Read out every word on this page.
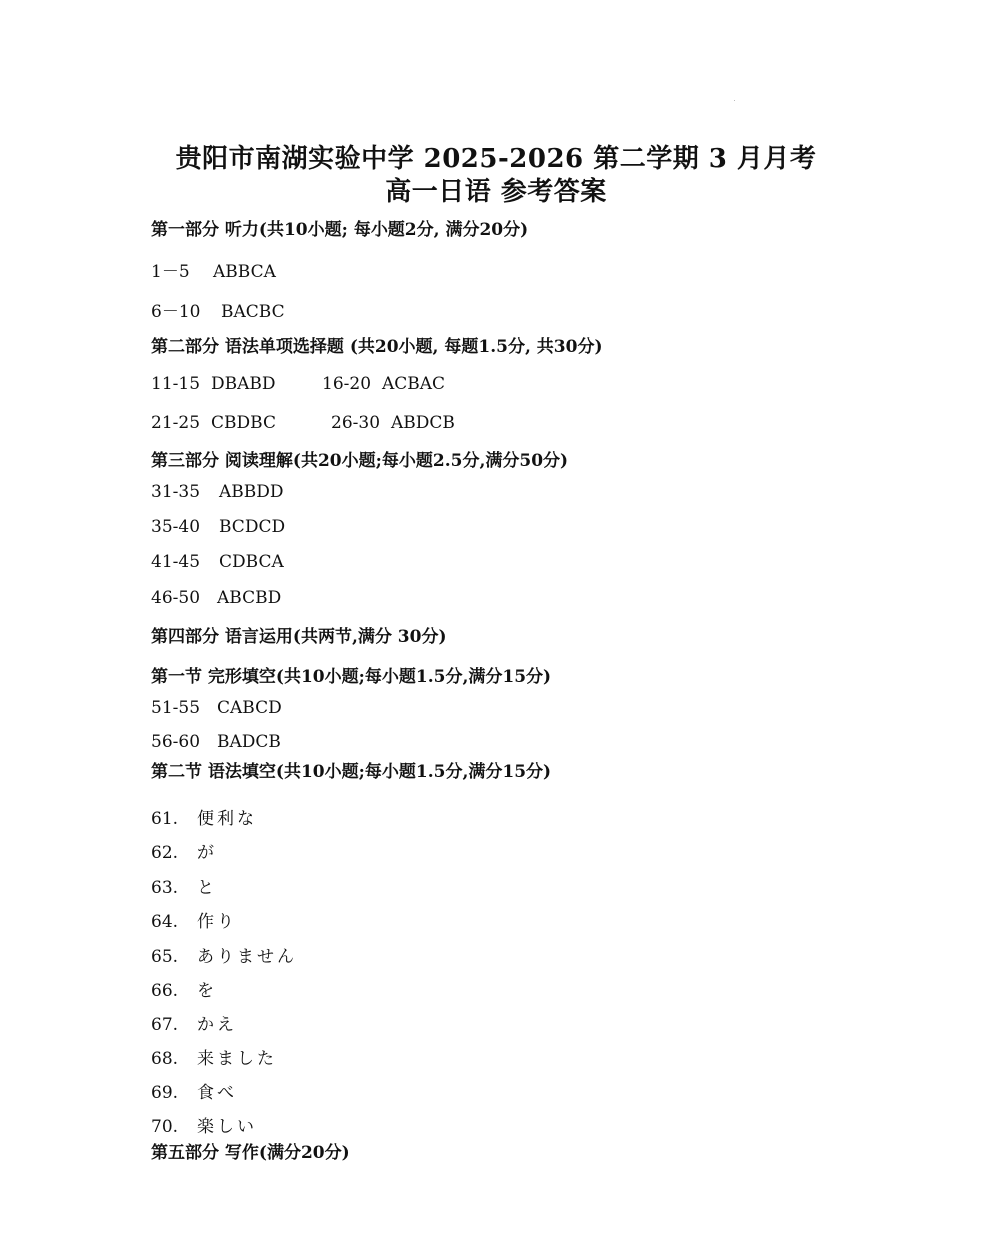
贵阳市南湖实验中学 2025-2026 第二学期 3 月月考
高一日语 参考答案
第一部分 听力(共10小题; 每小题2分, 满分20分)
1－5 ABBCA
6－10 BACBC
第二部分 语法单项选择题 (共20小题, 每题1.5分, 共30分)
11-15 DBABD	16-20 ACBAC
21-25 CBDBC	26-30 ABDCB
第三部分 阅读理解(共20小题;每小题2.5分,满分50分)
31-35 ABBDD
35-40 BCDCD
41-45 CDBCA
46-50 ABCBD
第四部分 语言运用(共两节,满分 30分)
第一节 完形填空(共10小题;每小题1.5分,满分15分)
51-55 CABCD
56-60 BADCB
第二节 语法填空(共10小题;每小题1.5分,满分15分)
61. 便利な
62. が
63. と
64. 作り
65. ありません
66. を
67. かえ
68. 来ました
69. 食べ
70. 楽しい
第五部分 写作(满分20分)
